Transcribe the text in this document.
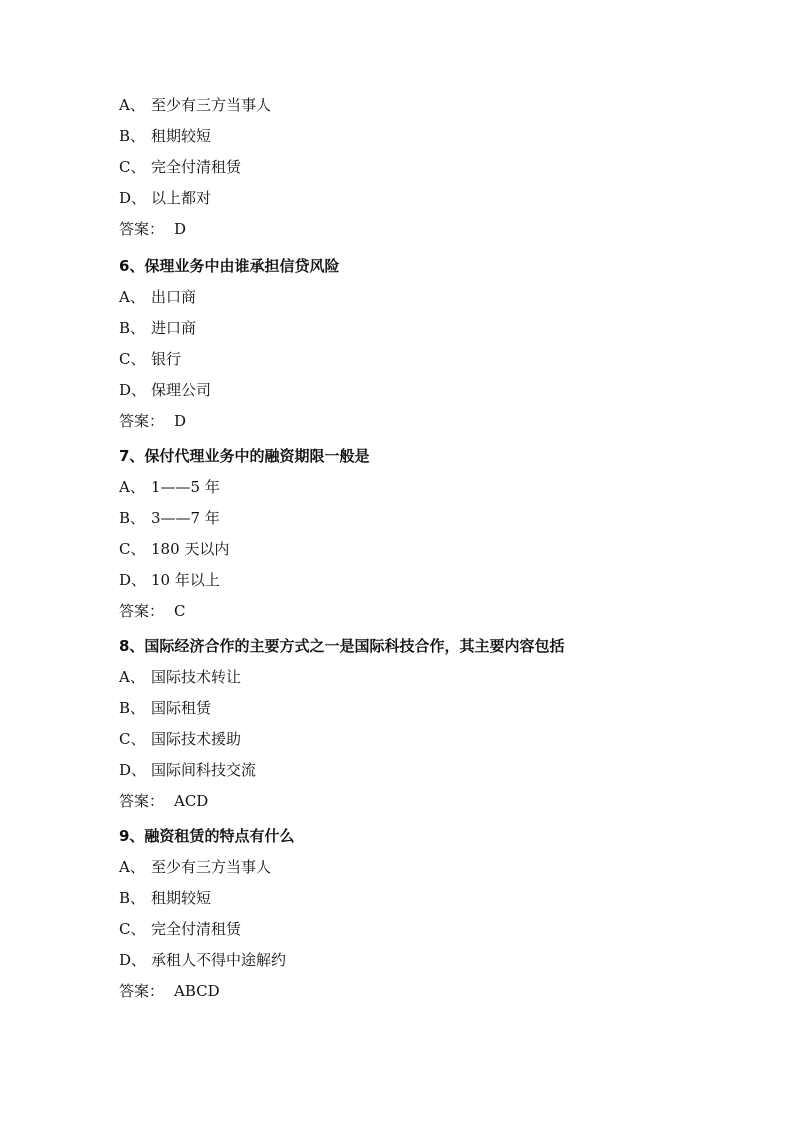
A、 至少有三方当事人
B、 租期较短
C、 完全付清租赁
D、 以上都对
答案： D
6、保理业务中由谁承担信贷风险
A、 出口商
B、 进口商
C、 银行
D、 保理公司
答案： D
7、保付代理业务中的融资期限一般是
A、 1——5 年
B、 3——7 年
C、 180 天以内
D、 10 年以上
答案： C
8、国际经济合作的主要方式之一是国际科技合作，其主要内容包括
A、 国际技术转让
B、 国际租赁
C、 国际技术援助
D、 国际间科技交流
答案： ACD
9、融资租赁的特点有什么
A、 至少有三方当事人
B、 租期较短
C、 完全付清租赁
D、 承租人不得中途解约
答案： ABCD
